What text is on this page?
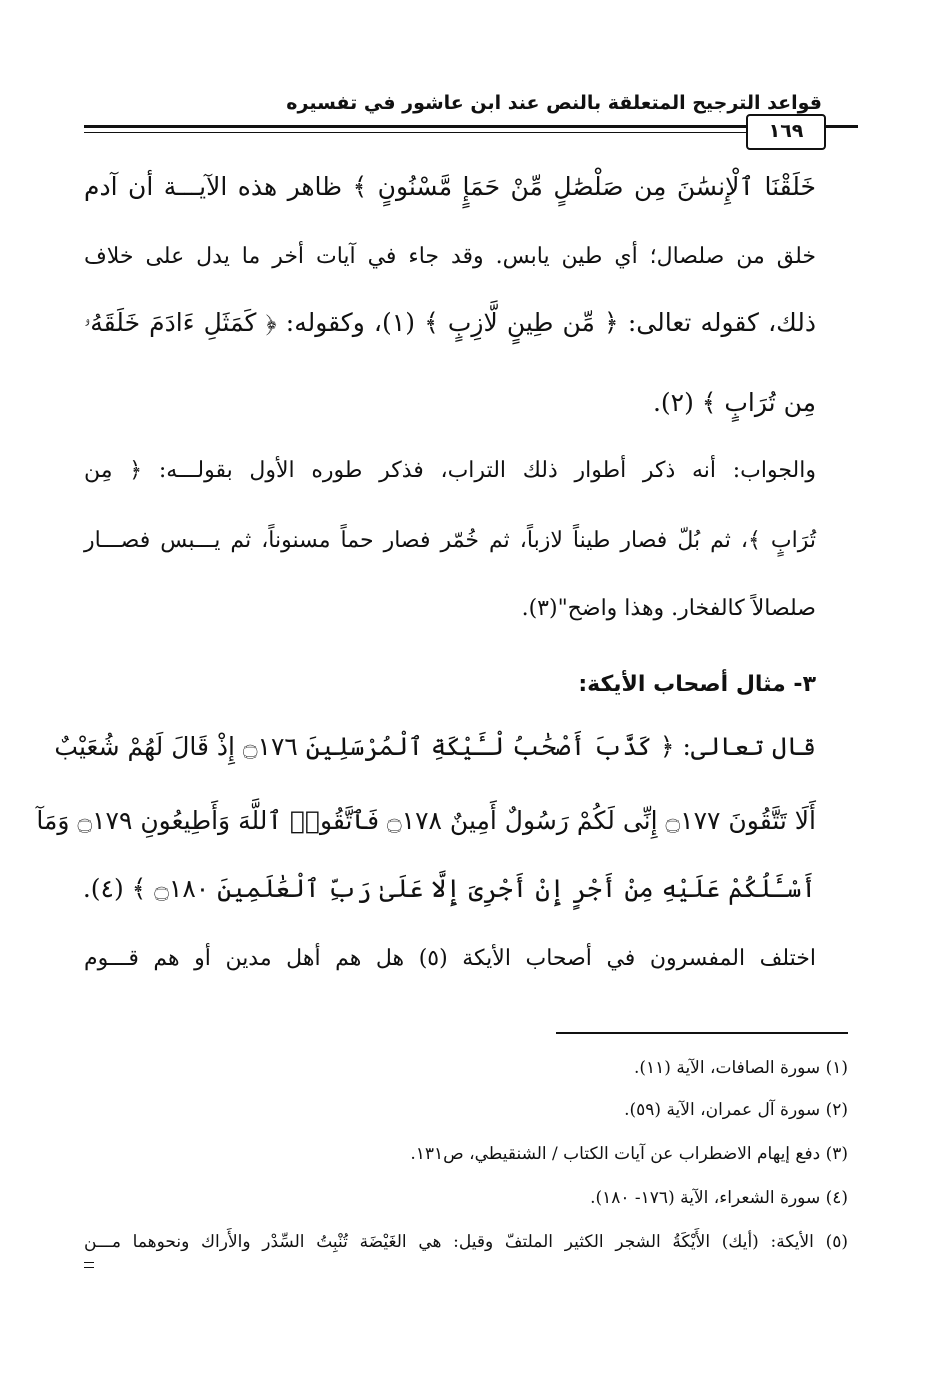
قواعد الترجيح المتعلقة بالنص عند ابن عاشور في تفسيره
١٦٩
خَلَقْنَا ٱلْإِنسَٰنَ مِن صَلْصَٰلٍ مِّنْ حَمَإٍ مَّسْنُونٍ ﴾ ظاهر هذه الآيـــة أن آدم
خلق من صلصال؛ أي طين يابس. وقد جاء في آيات أخر ما يدل على خلاف
ذلك، كقوله تعالى: ﴿ مِّن طِينٍ لَّازِبٍ ﴾ (١)، وكقوله: ﴿ كَمَثَلِ ءَادَمَ خَلَقَهُۥ
مِن تُرَابٍ ﴾ (٢).
والجواب: أنه ذكر أطوار ذلك التراب، فذكر طوره الأول بقولـــه: ﴿ مِن
تُرَابٍ ﴾، ثم بُلّ فصار طيناً لازباً، ثم خُمّر فصار حماً مسنوناً، ثم يـــبس فصـــار
صلصالاً كالفخار. وهذا واضح"(٣).
٣- مثال أصحاب الأيكة:
قال تعالى: ﴿ كَذَّبَ أَصْحَٰبُ لْـَٔيْكَةِ ٱلْمُرْسَلِينَ ۝١٧٦ إِذْ قَالَ لَهُمْ شُعَيْبٌ
أَلَا تَتَّقُونَ ۝١٧٧ إِنِّى لَكُمْ رَسُولٌ أَمِينٌ ۝١٧٨ فَٱتَّقُوا۟ ٱللَّهَ وَأَطِيعُونِ ۝١٧٩ وَمَآ
أَسْـَٔلُكُمْ عَلَيْهِ مِنْ أَجْرٍ إِنْ أَجْرِىَ إِلَّا عَلَىٰ رَبِّ ٱلْعَٰلَمِينَ ۝١٨٠ ﴾ (٤).
اختلف المفسرون في أصحاب الأيكة (٥) هل هم أهل مدين أو هم قـــوم
(١) سورة الصافات، الآية (١١).
(٢) سورة آل عمران، الآية (٥٩).
(٣) دفع إيهام الاضطراب عن آيات الكتاب / الشنقيطي، ص١٣١.
(٤) سورة الشعراء، الآية (١٧٦- ١٨٠).
(٥) الأيكة: (أيك) الأَيْكَةُ الشجر الكثير الملتفّ وقيل: هي الغَيْضَة تُنْبِتُ السِّدْر والأَراك ونحوهما مـــن
